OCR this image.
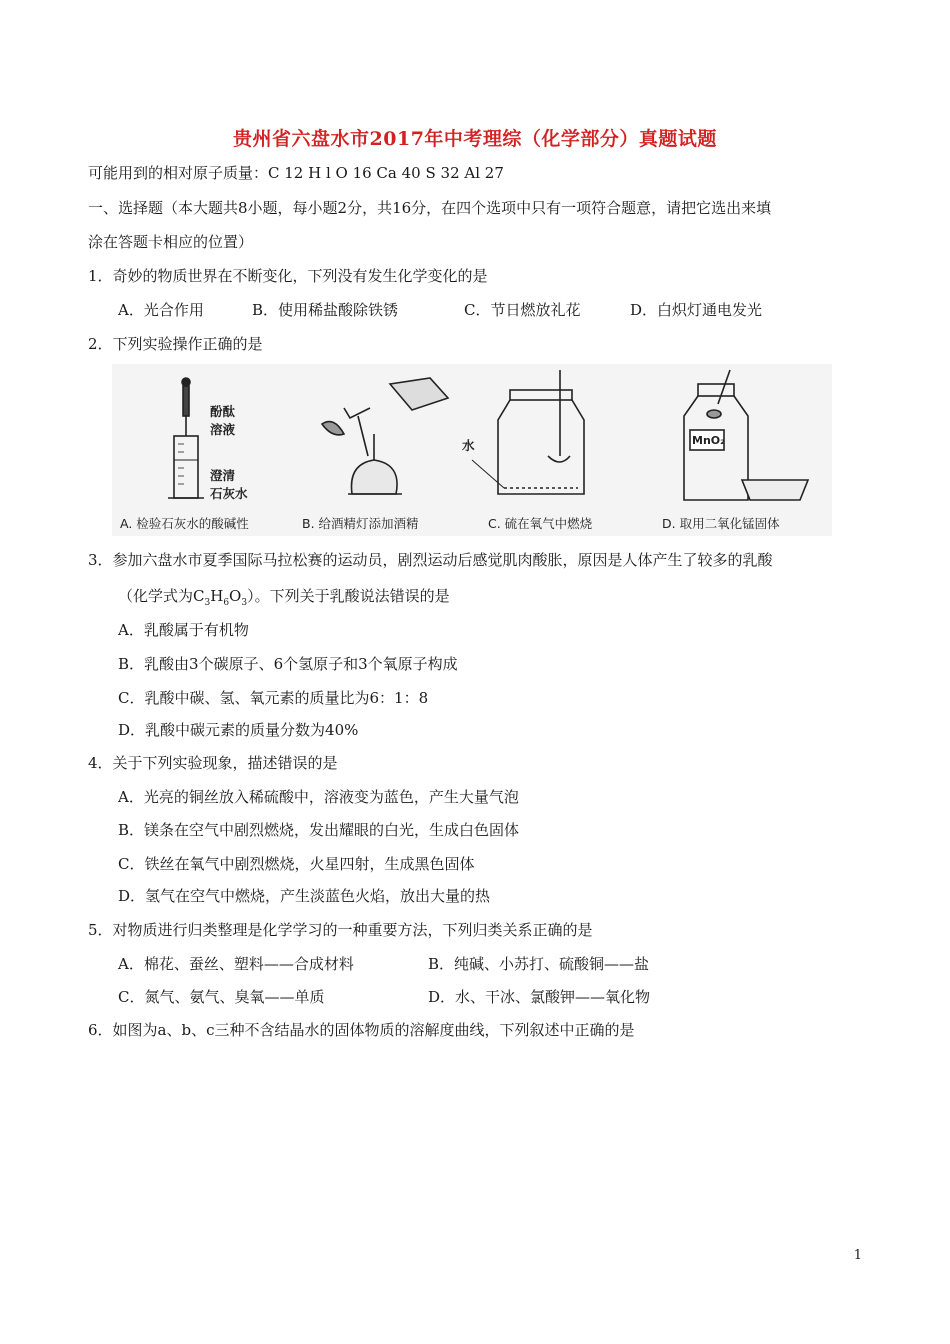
贵州省六盘水市2017年中考理综（化学部分）真题试题
可能用到的相对原子质量：C 12 H l O 16 Ca 40 S 32 Al 27
一、选择题（本大题共8小题，每小题2分，共16分，在四个选项中只有一项符合题意，请把它选出来填
涂在答题卡相应的位置）
1．奇妙的物质世界在不断变化，下列没有发生化学变化的是
A．光合作用	B．使用稀盐酸除铁锈	C．节日燃放礼花	D．白炽灯通电发光
2．下列实验操作正确的是
酚酞
溶液
澄清
石灰水
水	MnO₂
A. 检验石灰水的酸碱性	B. 给酒精灯添加酒精	C. 硫在氧气中燃烧	D. 取用二氧化锰固体
3．参加六盘水市夏季国际马拉松赛的运动员，剧烈运动后感觉肌肉酸胀，原因是人体产生了较多的乳酸
（化学式为$C_3H_6O_3$）。下列关于乳酸说法错误的是
A．乳酸属于有机物
B．乳酸由3个碳原子、6个氢原子和3个氧原子构成
C．乳酸中碳、氢、氧元素的质量比为6：1：8
D．乳酸中碳元素的质量分数为40%
4．关于下列实验现象，描述错误的是
A．光亮的铜丝放入稀硫酸中，溶液变为蓝色，产生大量气泡
B．镁条在空气中剧烈燃烧，发出耀眼的白光，生成白色固体
C．铁丝在氧气中剧烈燃烧，火星四射，生成黑色固体
D．氢气在空气中燃烧，产生淡蓝色火焰，放出大量的热
5．对物质进行归类整理是化学学习的一种重要方法，下列归类关系正确的是
A．棉花、蚕丝、塑料——合成材料	B．纯碱、小苏打、硫酸铜——盐
C．氮气、氨气、臭氧——单质	D．水、干冰、氯酸钾——氧化物
6．如图为a、b、c三种不含结晶水的固体物质的溶解度曲线，下列叙述中正确的是
1
